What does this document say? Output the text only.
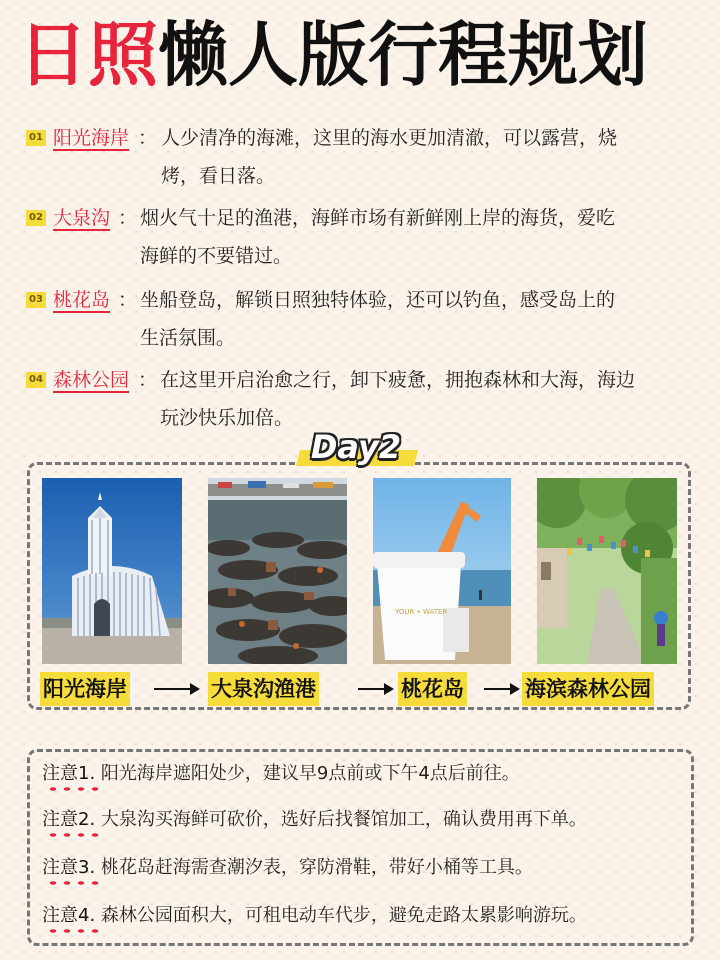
日照懒人版行程规划
01 阳光海岸 ： 人少清净的海滩，这里的海水更加清澈，可以露营，烧
烤，看日落。
02 大泉沟 ： 烟火气十足的渔港，海鲜市场有新鲜刚上岸的海货，爱吃
海鲜的不要错过。
03 桃花岛 ： 坐船登岛，解锁日照独特体验，还可以钓鱼，感受岛上的
生活氛围。
04 森林公园 ： 在这里开启治愈之行，卸下疲惫，拥抱森林和大海，海边
玩沙快乐加倍。
Day2
YOUR • WATER
阳光海岸	大泉沟渔港	桃花岛	海滨森林公园
注意1. 阳光海岸遮阳处少，建议早9点前或下午4点后前往。
注意2. 大泉沟买海鲜可砍价，选好后找餐馆加工，确认费用再下单。
注意3. 桃花岛赶海需查潮汐表，穿防滑鞋，带好小桶等工具。
注意4. 森林公园面积大，可租电动车代步，避免走路太累影响游玩。
